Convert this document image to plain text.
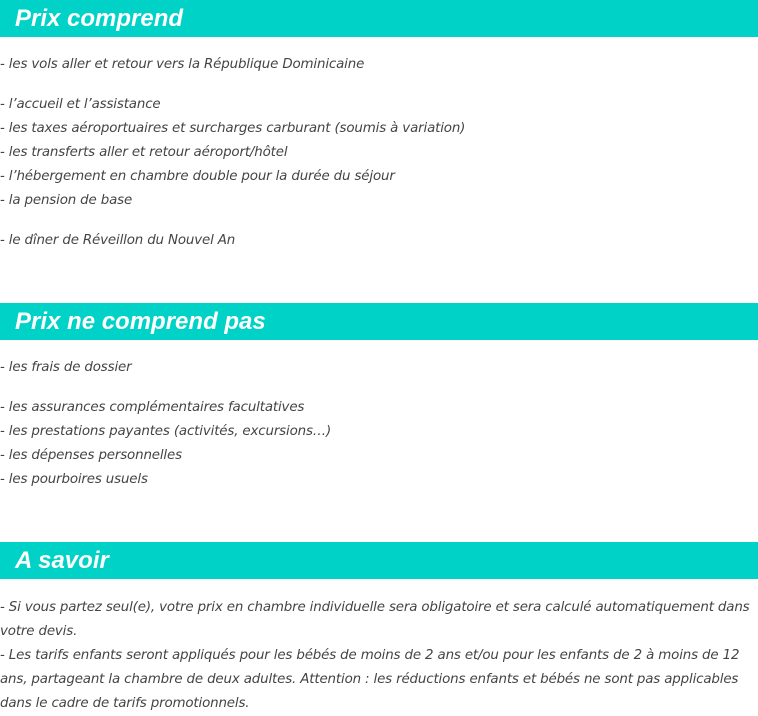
Prix comprend
- les vols aller et retour vers la République Dominicaine
- l’accueil et l’assistance
- les taxes aéroportuaires et surcharges carburant (soumis à variation)
- les transferts aller et retour aéroport/hôtel
- l’hébergement en chambre double pour la durée du séjour
- la pension de base
- le dîner de Réveillon du Nouvel An
Prix ne comprend pas
- les frais de dossier
- les assurances complémentaires facultatives
- les prestations payantes (activités, excursions…)
- les dépenses personnelles
- les pourboires usuels
A savoir
- Si vous partez seul(e), votre prix en chambre individuelle sera obligatoire et sera calculé automatiquement dans votre devis.
- Les tarifs enfants seront appliqués pour les bébés de moins de 2 ans et/ou pour les enfants de 2 à moins de 12 ans, partageant la chambre de deux adultes. Attention : les réductions enfants et bébés ne sont pas applicables dans le cadre de tarifs promotionnels.
